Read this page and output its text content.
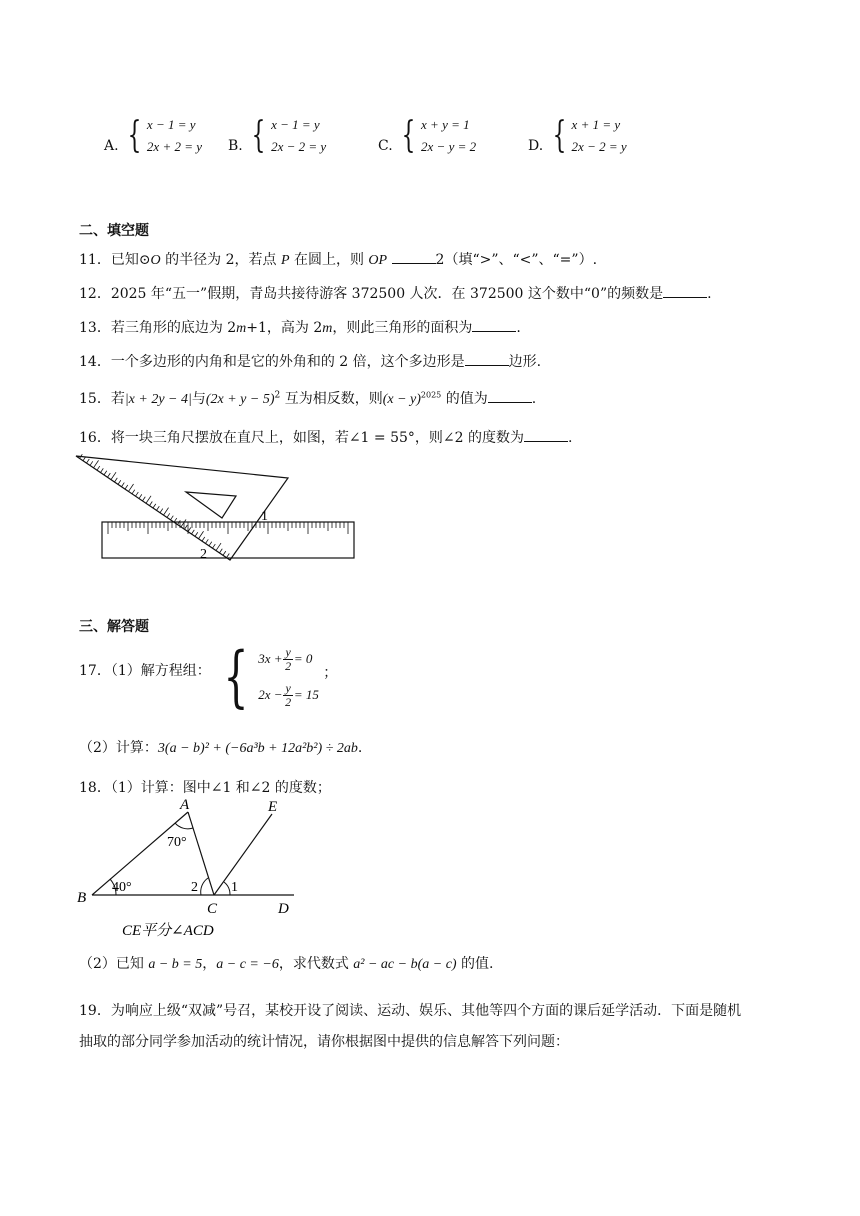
A. { x − 1 = y
2x + 2 = y B. { x − 1 = y
2x − 2 = y	C. { x + y = 1
2x − y = 2	D. { x + 1 = y
2x − 2 = y
二、填空题
11．已知⊙O 的半径为 2，若点 P 在圆上，则 OP	2（填“>”、“<”、“=”）.
12．2025 年“五一”假期，青岛共接待游客 372500 人次．在 372500 这个数中“0”的频数是	.
13．若三角形的底边为 2m+1，高为 2m，则此三角形的面积为	.
14．一个多边形的内角和是它的外角和的 2 倍，这个多边形是	边形.
15．若|x + 2y − 4|与$(2x + y - 5)^2$ 互为相反数，则$(x - y)^{2025}$ 的值为	.
16．将一块三角尺摆放在直尺上，如图，若∠1 = 55°，则∠2 的度数为	.
1
2
三、解答题
17．（1）解方程组： { $3x + \frac{y}{2} = 0$
$2x - \frac{y}{2} = 15$
；
（2）计算：3(a − b)² + (−6a³b + 12a²b²) ÷ 2ab.
18．（1）计算：图中∠1 和∠2 的度数；
A
B
C	D
E
70°
40°	2 1
CE平分∠ACD
（2）已知 a − b = 5，a − c = −6，求代数式 a² − ac − b(a − c) 的值.
19．为响应上级“双减”号召，某校开设了阅读、运动、娱乐、其他等四个方面的课后延学活动．下面是随机
抽取的部分同学参加活动的统计情况，请你根据图中提供的信息解答下列问题：
